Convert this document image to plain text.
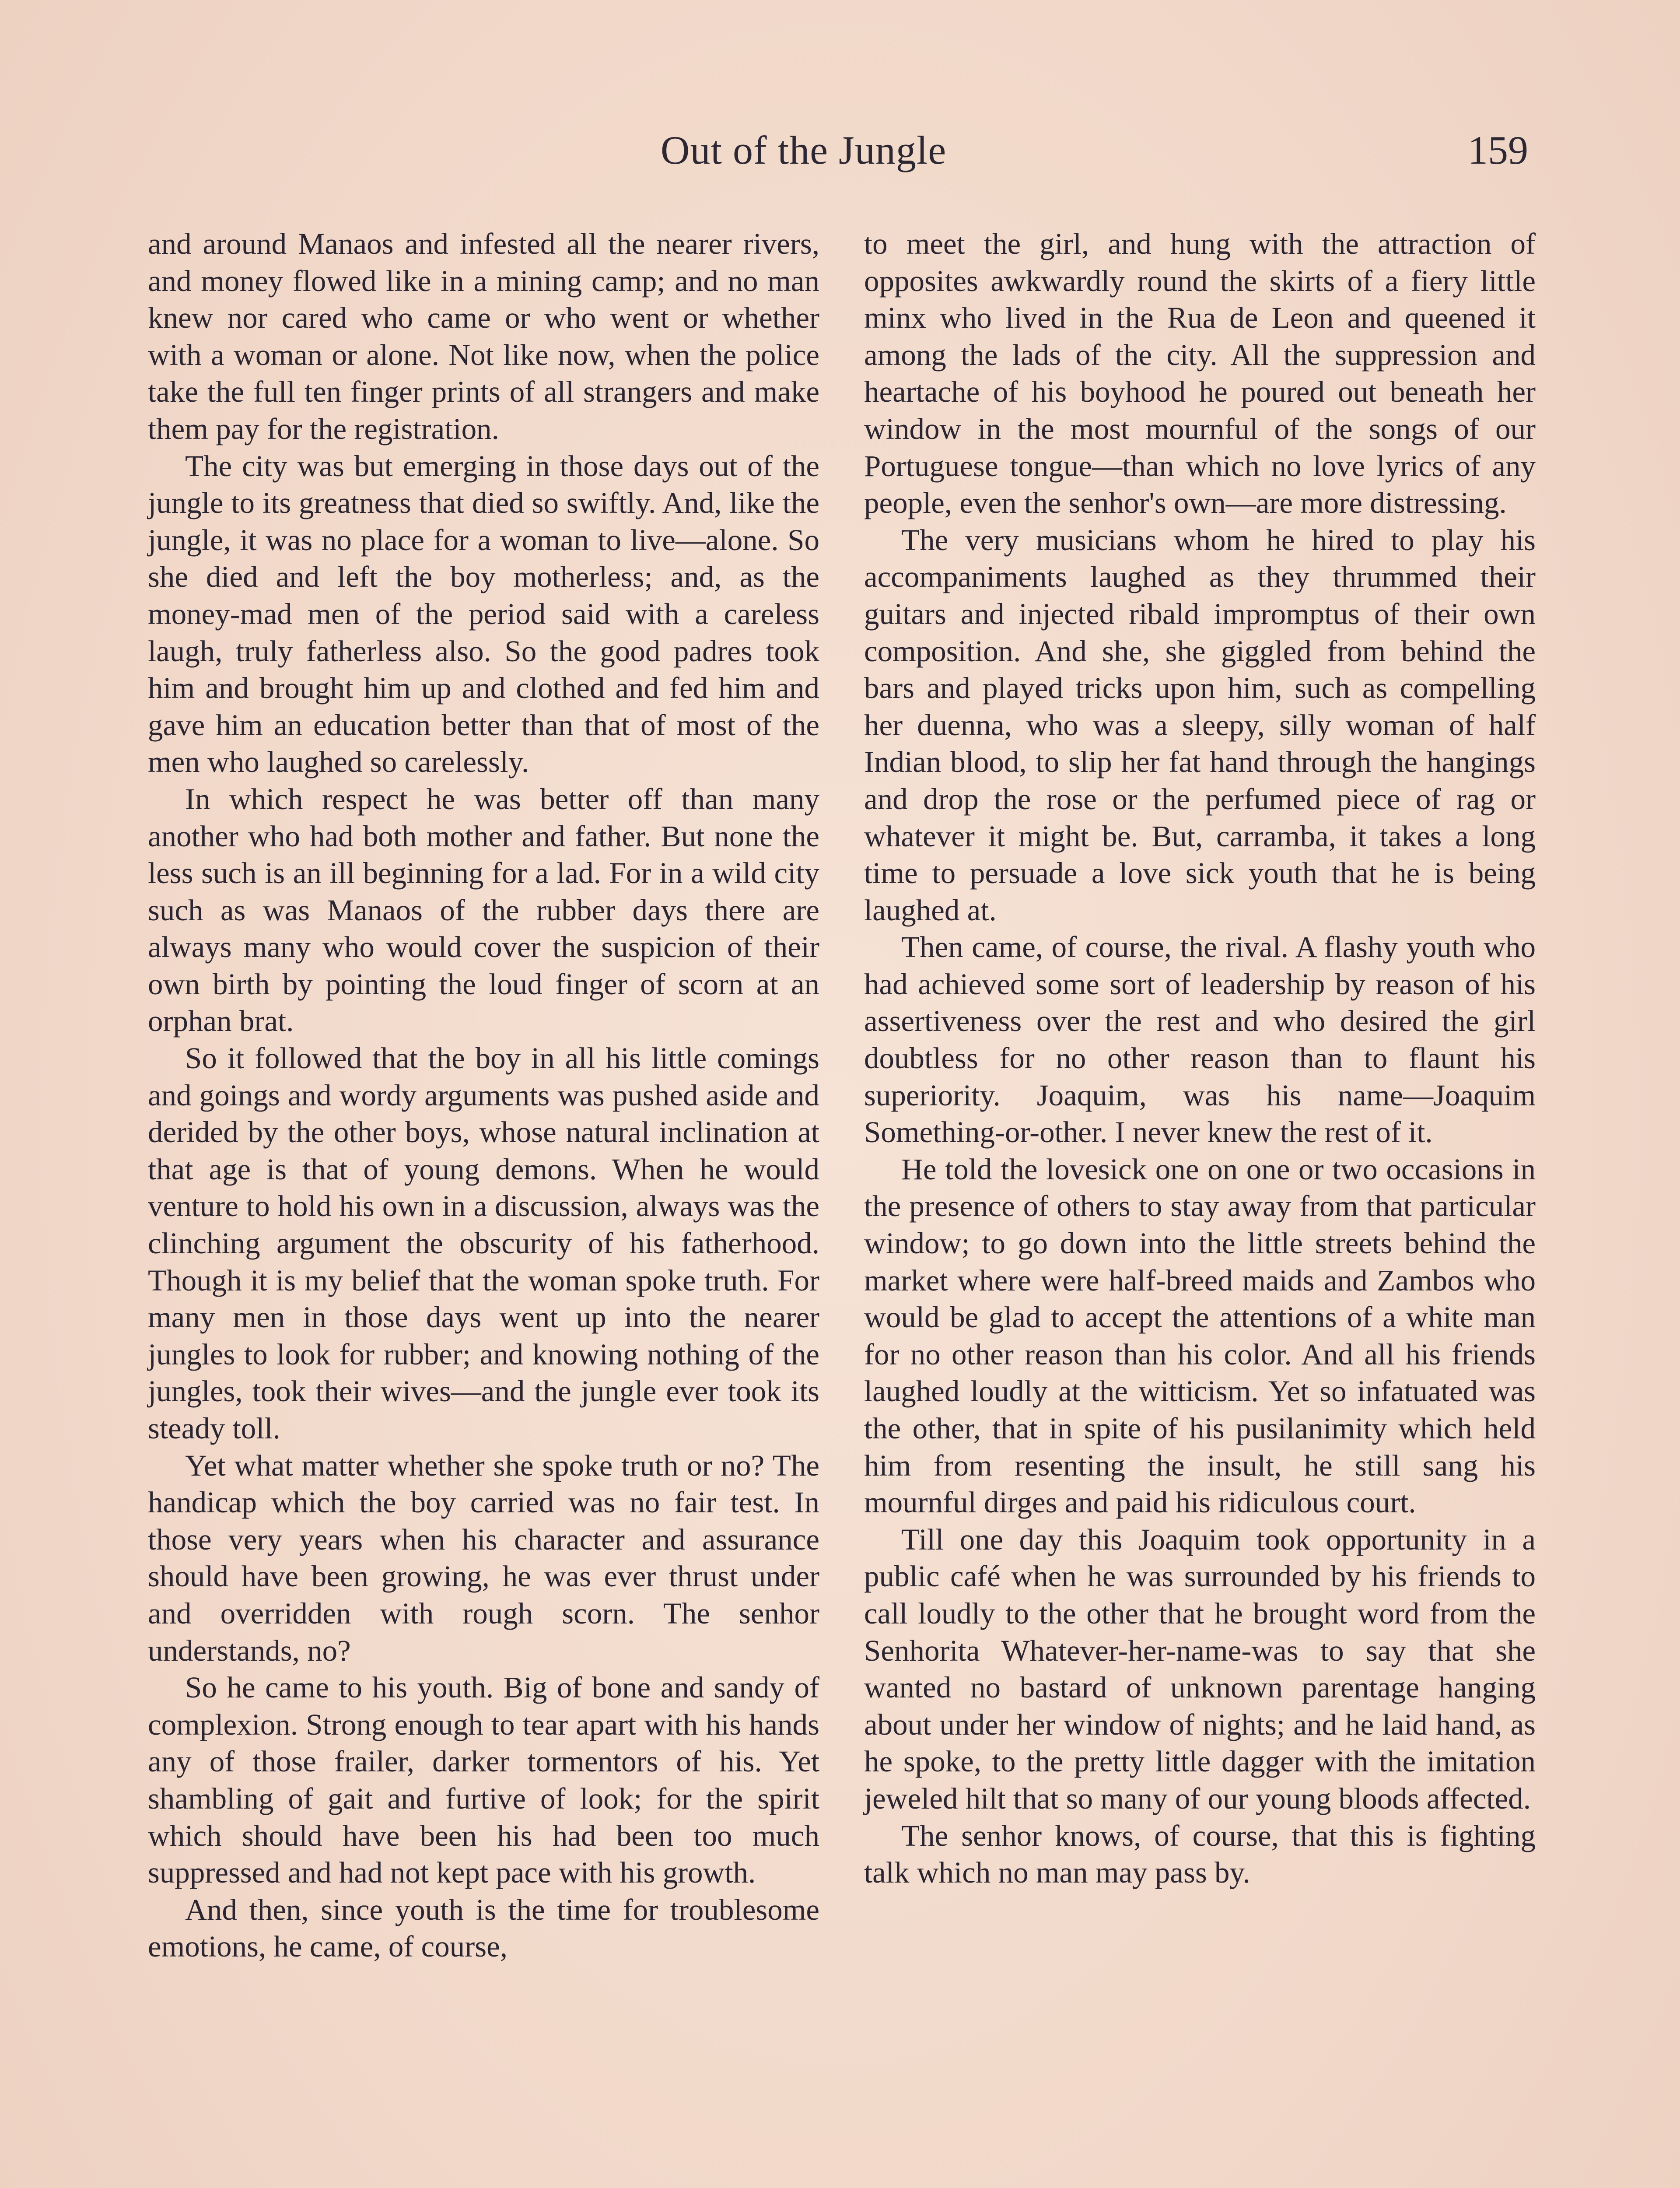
Out of the Jungle	159

and around Manaos and infested all the nearer rivers, and money flowed like in a mining camp; and no man knew nor cared who came or who went or whether with a woman or alone. Not like now, when the police take the full ten finger prints of all strangers and make them pay for the registration.

The city was but emerging in those days out of the jungle to its greatness that died so swiftly. And, like the jungle, it was no place for a woman to live—alone. So she died and left the boy motherless; and, as the money-mad men of the period said with a careless laugh, truly fatherless also. So the good padres took him and brought him up and clothed and fed him and gave him an education better than that of most of the men who laughed so carelessly.

In which respect he was better off than many another who had both mother and father. But none the less such is an ill beginning for a lad. For in a wild city such as was Manaos of the rubber days there are always many who would cover the suspicion of their own birth by pointing the loud finger of scorn at an orphan brat.

So it followed that the boy in all his little comings and goings and wordy arguments was pushed aside and derided by the other boys, whose natural inclination at that age is that of young demons. When he would venture to hold his own in a discussion, always was the clinching argument the obscurity of his fatherhood. Though it is my belief that the woman spoke truth. For many men in those days went up into the nearer jungles to look for rubber; and knowing nothing of the jungles, took their wives—and the jungle ever took its steady toll.

Yet what matter whether she spoke truth or no? The handicap which the boy carried was no fair test. In those very years when his character and assurance should have been growing, he was ever thrust under and overridden with rough scorn. The senhor understands, no?

So he came to his youth. Big of bone and sandy of complexion. Strong enough to tear apart with his hands any of those frailer, darker tormentors of his. Yet shambling of gait and furtive of look; for the spirit which should have been his had been too much suppressed and had not kept pace with his growth.

And then, since youth is the time for troublesome emotions, he came, of course,

to meet the girl, and hung with the attraction of opposites awkwardly round the skirts of a fiery little minx who lived in the Rua de Leon and queened it among the lads of the city. All the suppression and heartache of his boyhood he poured out beneath her window in the most mournful of the songs of our Portuguese tongue—than which no love lyrics of any people, even the senhor's own—are more distressing.

The very musicians whom he hired to play his accompaniments laughed as they thrummed their guitars and injected ribald impromptus of their own composition. And she, she giggled from behind the bars and played tricks upon him, such as compelling her duenna, who was a sleepy, silly woman of half Indian blood, to slip her fat hand through the hangings and drop the rose or the perfumed piece of rag or whatever it might be. But, carramba, it takes a long time to persuade a love sick youth that he is being laughed at.

Then came, of course, the rival. A flashy youth who had achieved some sort of leadership by reason of his assertiveness over the rest and who desired the girl doubtless for no other reason than to flaunt his superiority. Joaquim, was his name—Joaquim Something-or-other. I never knew the rest of it.

He told the lovesick one on one or two occasions in the presence of others to stay away from that particular window; to go down into the little streets behind the market where were half-breed maids and Zambos who would be glad to accept the attentions of a white man for no other reason than his color. And all his friends laughed loudly at the witticism. Yet so infatuated was the other, that in spite of his pusilanimity which held him from resenting the insult, he still sang his mournful dirges and paid his ridiculous court.

Till one day this Joaquim took opportunity in a public café when he was surrounded by his friends to call loudly to the other that he brought word from the Senhorita Whatever-her-name-was to say that she wanted no bastard of unknown parentage hanging about under her window of nights; and he laid hand, as he spoke, to the pretty little dagger with the imitation jeweled hilt that so many of our young bloods affected.

The senhor knows, of course, that this is fighting talk which no man may pass by.
